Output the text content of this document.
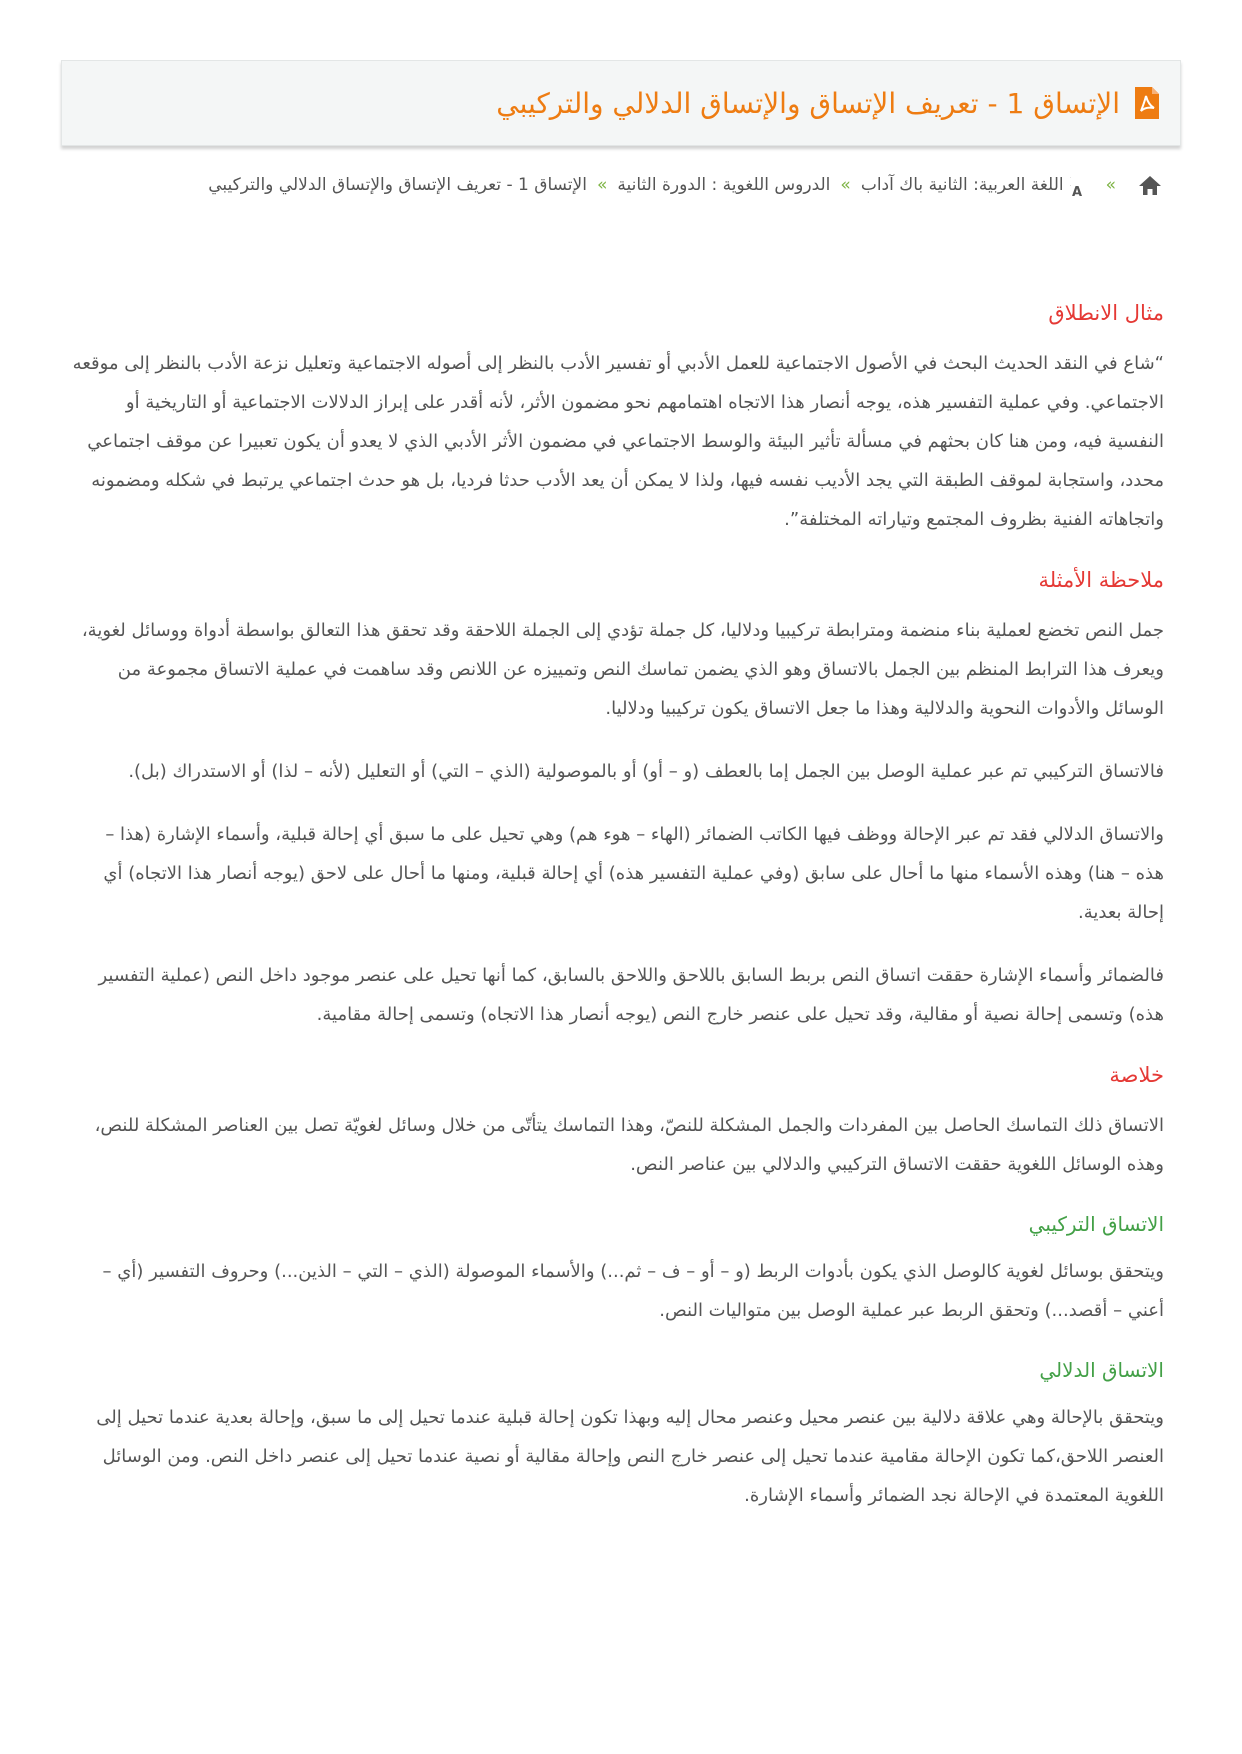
الإتساق 1 - تعريف الإتساق والإتساق الدلالي والتركيبي
»
A
اللغة العربية: الثانية باك آداب
»
الدروس اللغوية : الدورة الثانية
»
الإتساق 1 - تعريف الإتساق والإتساق الدلالي والتركيبي
مثال الانطلاق

“شاع في النقد الحديث البحث في الأصول الاجتماعية للعمل الأدبي أو تفسير الأدب بالنظر إلى أصوله الاجتماعية وتعليل نزعة الأدب بالنظر إلى موقعه الاجتماعي. وفي عملية التفسير هذه، يوجه أنصار هذا الاتجاه اهتمامهم نحو مضمون الأثر، لأنه أقدر على إبراز الدلالات الاجتماعية أو التاريخية أو النفسية فيه، ومن هنا كان بحثهم في مسألة تأثير البيئة والوسط الاجتماعي في مضمون الأثر الأدبي الذي لا يعدو أن يكون تعبيرا عن موقف اجتماعي محدد، واستجابة لموقف الطبقة التي يجد الأديب نفسه فيها، ولذا لا يمكن أن يعد الأدب حدثا فرديا، بل هو حدث اجتماعي يرتبط في شكله ومضمونه واتجاهاته الفنية بظروف المجتمع وتياراته المختلفة”.

ملاحظة الأمثلة

جمل النص تخضع لعملية بناء منضمة ومترابطة تركيبيا ودلاليا، كل جملة تؤدي إلى الجملة اللاحقة وقد تحقق هذا التعالق بواسطة أدواة ووسائل لغوية، ويعرف هذا الترابط المنظم بين الجمل بالاتساق وهو الذي يضمن تماسك النص وتمييزه عن اللانص وقد ساهمت في عملية الاتساق مجموعة من الوسائل والأدوات النحوية والدلالية وهذا ما جعل الاتساق يكون تركيبيا ودلاليا.

فالاتساق التركيبي تم عبر عملية الوصل بين الجمل إما بالعطف (و – أو) أو بالموصولية (الذي – التي) أو التعليل (لأنه – لذا) أو الاستدراك (بل).

والاتساق الدلالي فقد تم عبر الإحالة ووظف فيها الكاتب الضمائر (الهاء – هوء هم) وهي تحيل على ما سبق أي إحالة قبلية، وأسماء الإشارة (هذا – هذه – هنا) وهذه الأسماء منها ما أحال على سابق (وفي عملية التفسير هذه) أي إحالة قبلية، ومنها ما أحال على لاحق (يوجه أنصار هذا الاتجاه) أي إحالة بعدية.

فالضمائر وأسماء الإشارة حققت اتساق النص بربط السابق باللاحق واللاحق بالسابق، كما أنها تحيل على عنصر موجود داخل النص (عملية التفسير هذه) وتسمى إحالة نصية أو مقالية، وقد تحيل على عنصر خارج النص (يوجه أنصار هذا الاتجاه) وتسمى إحالة مقامية.

خلاصة

الاتساق ذلك التماسك الحاصل بين المفردات والجمل المشكلة للنصّ، وهذا التماسك يتأتّى من خلال وسائل لغويّة تصل بين العناصر المشكلة للنص، وهذه الوسائل اللغوية حققت الاتساق التركيبي والدلالي بين عناصر النص.

الاتساق التركيبي

ويتحقق بوسائل لغوية كالوصل الذي يكون بأدوات الربط (و – أو – ف – ثم...) والأسماء الموصولة (الذي – التي – الذين...) وحروف التفسير (أي – أعني – أقصد...) وتحقق الربط عبر عملية الوصل بين متواليات النص.

الاتساق الدلالي

ويتحقق بالإحالة وهي علاقة دلالية بين عنصر محيل وعنصر محال إليه وبهذا تكون إحالة قبلية عندما تحيل إلى ما سبق، وإحالة بعدية عندما تحيل إلى العنصر اللاحق،كما تكون الإحالة مقامية عندما تحيل إلى عنصر خارج النص وإحالة مقالية أو نصية عندما تحيل إلى عنصر داخل النص. ومن الوسائل اللغوية المعتمدة في الإحالة نجد الضمائر وأسماء الإشارة.
